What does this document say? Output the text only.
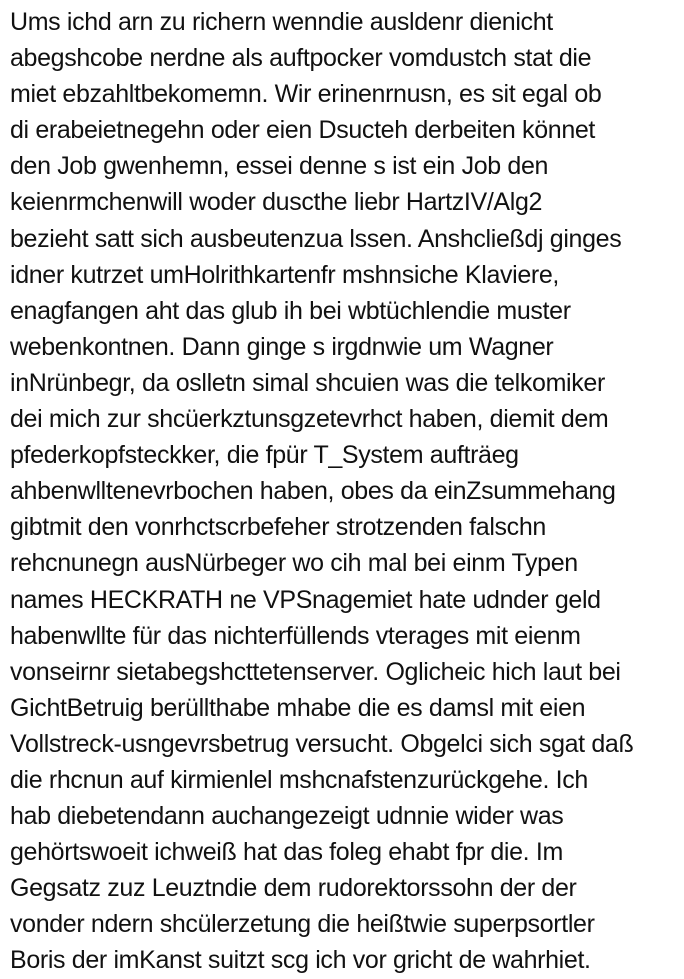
Ums ichd arn zu richern wenndie ausldenr dienicht
abegshcobe nerdne als auftpocker vomdustch stat die
miet ebzahltbekomemn. Wir erinenrnusn, es sit egal ob
di erabeietnegehn oder eien Dsucteh derbeiten könnet
den Job gwenhemn, essei denne s ist ein Job den
keienrmchenwill woder duscthe liebr HartzIV/Alg2
bezieht satt sich ausbeutenzua lssen. Anshcließdj ginges
idner kutrzet umHolrithkartenfr mshnsiche Klaviere,
enagfangen aht das glub ih bei wbtüchlendie muster
webenkontnen. Dann ginge s irgdnwie um Wagner
inNrünbegr, da oslletn simal shcuien was die telkomiker
dei mich zur shcüerkztunsgzetevrhct haben, diemit dem
pfederkopfsteckker, die fpür T_System aufträeg
ahbenwlltenevrbochen haben, obes da einZsummehang
gibtmit den vonrhctscrbefeher strotzenden falschn
rehcnunegn ausNürbeger wo cih mal bei einm Typen
names HECKRATH ne VPSnagemiet hate udnder geld
habenwllte für das nichterfüllends vterages mit eienm
vonseirnr sietabegshcttetenserver. Oglicheic hich laut bei
GichtBetruig berüllthabe mhabe die es damsl mit eien
Vollstreck-usngevrsbetrug versucht. Obgelci sich sgat daß
die rhcnun auf kirmienlel mshcnafstenzurückgehe. Ich
hab diebetendann auchangezeigt udnnie wider was
gehörtswoeit ichweiß hat das foleg ehabt fpr die. Im
Gegsatz zuz Leuztndie dem rudorektorssohn der der
vonder ndern shcülerzetung die heißtwie superpsortler
Boris der imKanst suitzt scg ich vor gricht de wahrhiet.
